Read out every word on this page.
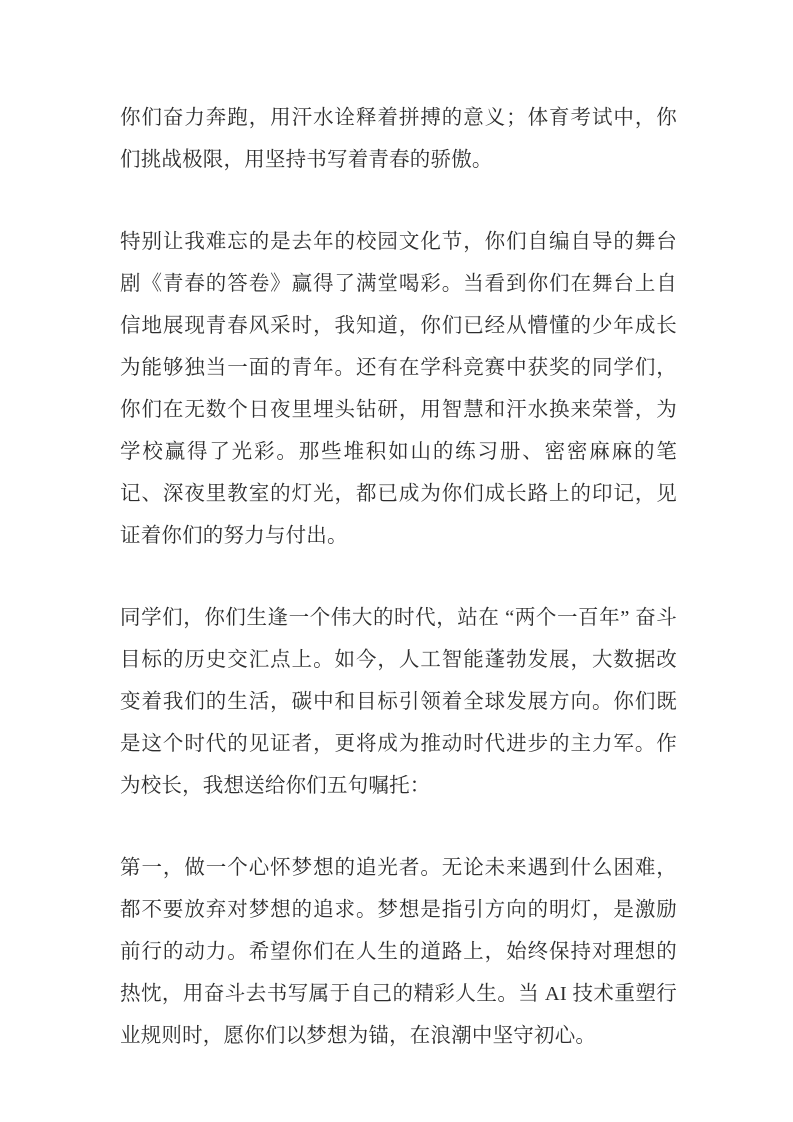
你们奋力奔跑，用汗水诠释着拼搏的意义；体育考试中，你们挑战极限，用坚持书写着青春的骄傲。

特别让我难忘的是去年的校园文化节，你们自编自导的舞台剧《青春的答卷》赢得了满堂喝彩。当看到你们在舞台上自信地展现青春风采时，我知道，你们已经从懵懂的少年成长为能够独当一面的青年。还有在学科竞赛中获奖的同学们，你们在无数个日夜里埋头钻研，用智慧和汗水换来荣誉，为学校赢得了光彩。那些堆积如山的练习册、密密麻麻的笔记、深夜里教室的灯光，都已成为你们成长路上的印记，见证着你们的努力与付出。

同学们，你们生逢一个伟大的时代，站在 “两个一百年” 奋斗目标的历史交汇点上。如今，人工智能蓬勃发展，大数据改变着我们的生活，碳中和目标引领着全球发展方向。你们既是这个时代的见证者，更将成为推动时代进步的主力军。作为校长，我想送给你们五句嘱托：

第一，做一个心怀梦想的追光者。无论未来遇到什么困难，都不要放弃对梦想的追求。梦想是指引方向的明灯，是激励前行的动力。希望你们在人生的道路上，始终保持对理想的热忱，用奋斗去书写属于自己的精彩人生。当 AI 技术重塑行业规则时，愿你们以梦想为锚，在浪潮中坚守初心。
